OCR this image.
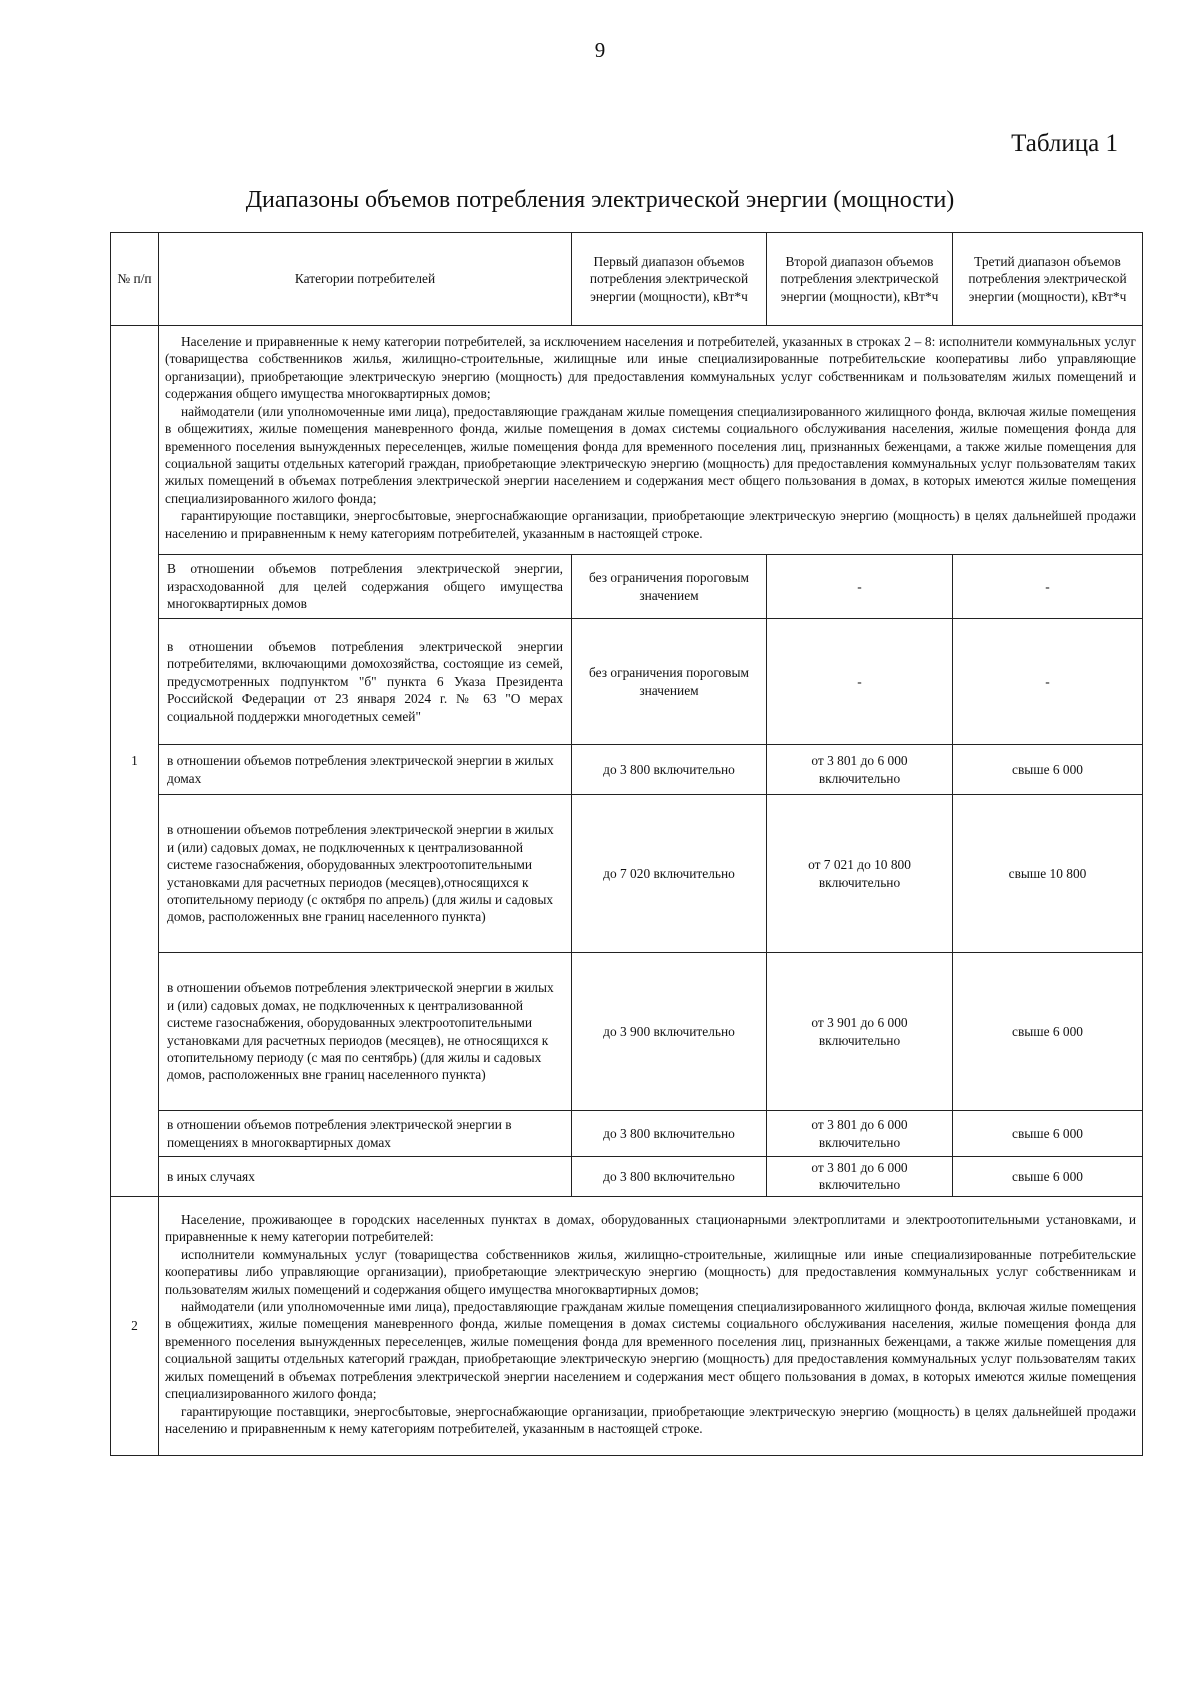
9
Таблица 1
Диапазоны объемов потребления электрической энергии (мощности)
№ п/п	Категории потребителей	Первый диапазон объемов потребления электрической энергии (мощности), кВт*ч	Второй диапазон объемов потребления электрической энергии (мощности), кВт*ч	Третий диапазон объемов потребления электрической энергии (мощности), кВт*ч
1	Население и приравненные к нему категории потребителей, за исключением населения и потребителей, указанных в строках 2 – 8: исполнители коммунальных услуг (товарищества собственников жилья, жилищно-строительные, жилищные или иные специализированные потребительские кооперативы либо управляющие организации), приобретающие электрическую энергию (мощность) для предоставления коммунальных услуг собственникам и пользователям жилых помещений и содержания общего имущества многоквартирных домов;

наймодатели (или уполномоченные ими лица), предоставляющие гражданам жилые помещения специализированного жилищного фонда, включая жилые помещения в общежитиях, жилые помещения маневренного фонда, жилые помещения в домах системы социального обслуживания населения, жилые помещения фонда для временного поселения вынужденных переселенцев, жилые помещения фонда для временного поселения лиц, признанных беженцами, а также жилые помещения для социальной защиты отдельных категорий граждан, приобретающие электрическую энергию (мощность) для предоставления коммунальных услуг пользователям таких жилых помещений в объемах потребления электрической энергии населением и содержания мест общего пользования в домах, в которых имеются жилые помещения специализированного жилого фонда;

гарантирующие поставщики, энергосбытовые, энергоснабжающие организации, приобретающие электрическую энергию (мощность) в целях дальнейшей продажи населению и приравненным к нему категориям потребителей, указанным в настоящей строке.			

	В отношении объемов потребления электрической энергии, израсходованной для целей содержания общего имущества многоквартирных домов	без ограничения пороговым значением	-	-
	в отношении объемов потребления электрической энергии потребителями, включающими домохозяйства, состоящие из семей, предусмотренных подпунктом "б" пункта 6 Указа Президента Российской Федерации от 23 января 2024 г. № 63 "О мерах социальной поддержки многодетных семей"	без ограничения пороговым значением	-	-
	в отношении объемов потребления электрической энергии в жилых домах	до 3 800 включительно	от 3 801 до 6 000 включительно	свыше 6 000
	в отношении объемов потребления электрической энергии в жилых и (или) садовых домах, не подключенных к централизованной системе газоснабжения, оборудованных электроотопительными установками для расчетных периодов (месяцев),относящихся к отопительному периоду (с октября по апрель) (для жилы и садовых домов, расположенных вне границ населенного пункта)	до 7 020 включительно	от 7 021 до 10 800 включительно	свыше 10 800
	в отношении объемов потребления электрической энергии в жилых и (или) садовых домах, не подключенных к централизованной системе газоснабжения, оборудованных электроотопительными установками для расчетных периодов (месяцев), не относящихся к отопительному периоду (с мая по сентябрь) (для жилы и садовых домов, расположенных вне границ населенного пункта)	до 3 900 включительно	от 3 901 до 6 000 включительно	свыше 6 000
	в отношении объемов потребления электрической энергии в помещениях в многоквартирных домах	до 3 800 включительно	от 3 801 до 6 000 включительно	свыше 6 000
	в иных случаях	до 3 800 включительно	от 3 801 до 6 000 включительно	свыше 6 000
2	Население, проживающее в городских населенных пунктах в домах, оборудованных стационарными электроплитами и электроотопительными установками, и приравненные к нему категории потребителей:

исполнители коммунальных услуг (товарищества собственников жилья, жилищно-строительные, жилищные или иные специализированные потребительские кооперативы либо управляющие организации), приобретающие электрическую энергию (мощность) для предоставления коммунальных услуг собственникам и пользователям жилых помещений и содержания общего имущества многоквартирных домов;

наймодатели (или уполномоченные ими лица), предоставляющие гражданам жилые помещения специализированного жилищного фонда, включая жилые помещения в общежитиях, жилые помещения маневренного фонда, жилые помещения в домах системы социального обслуживания населения, жилые помещения фонда для временного поселения вынужденных переселенцев, жилые помещения фонда для временного поселения лиц, признанных беженцами, а также жилые помещения для социальной защиты отдельных категорий граждан, приобретающие электрическую энергию (мощность) для предоставления коммунальных услуг пользователям таких жилых помещений в объемах потребления электрической энергии населением и содержания мест общего пользования в домах, в которых имеются жилые помещения специализированного жилого фонда;

гарантирующие поставщики, энергосбытовые, энергоснабжающие организации, приобретающие электрическую энергию (мощность) в целях дальнейшей продажи населению и приравненным к нему категориям потребителей, указанным в настоящей строке.			
